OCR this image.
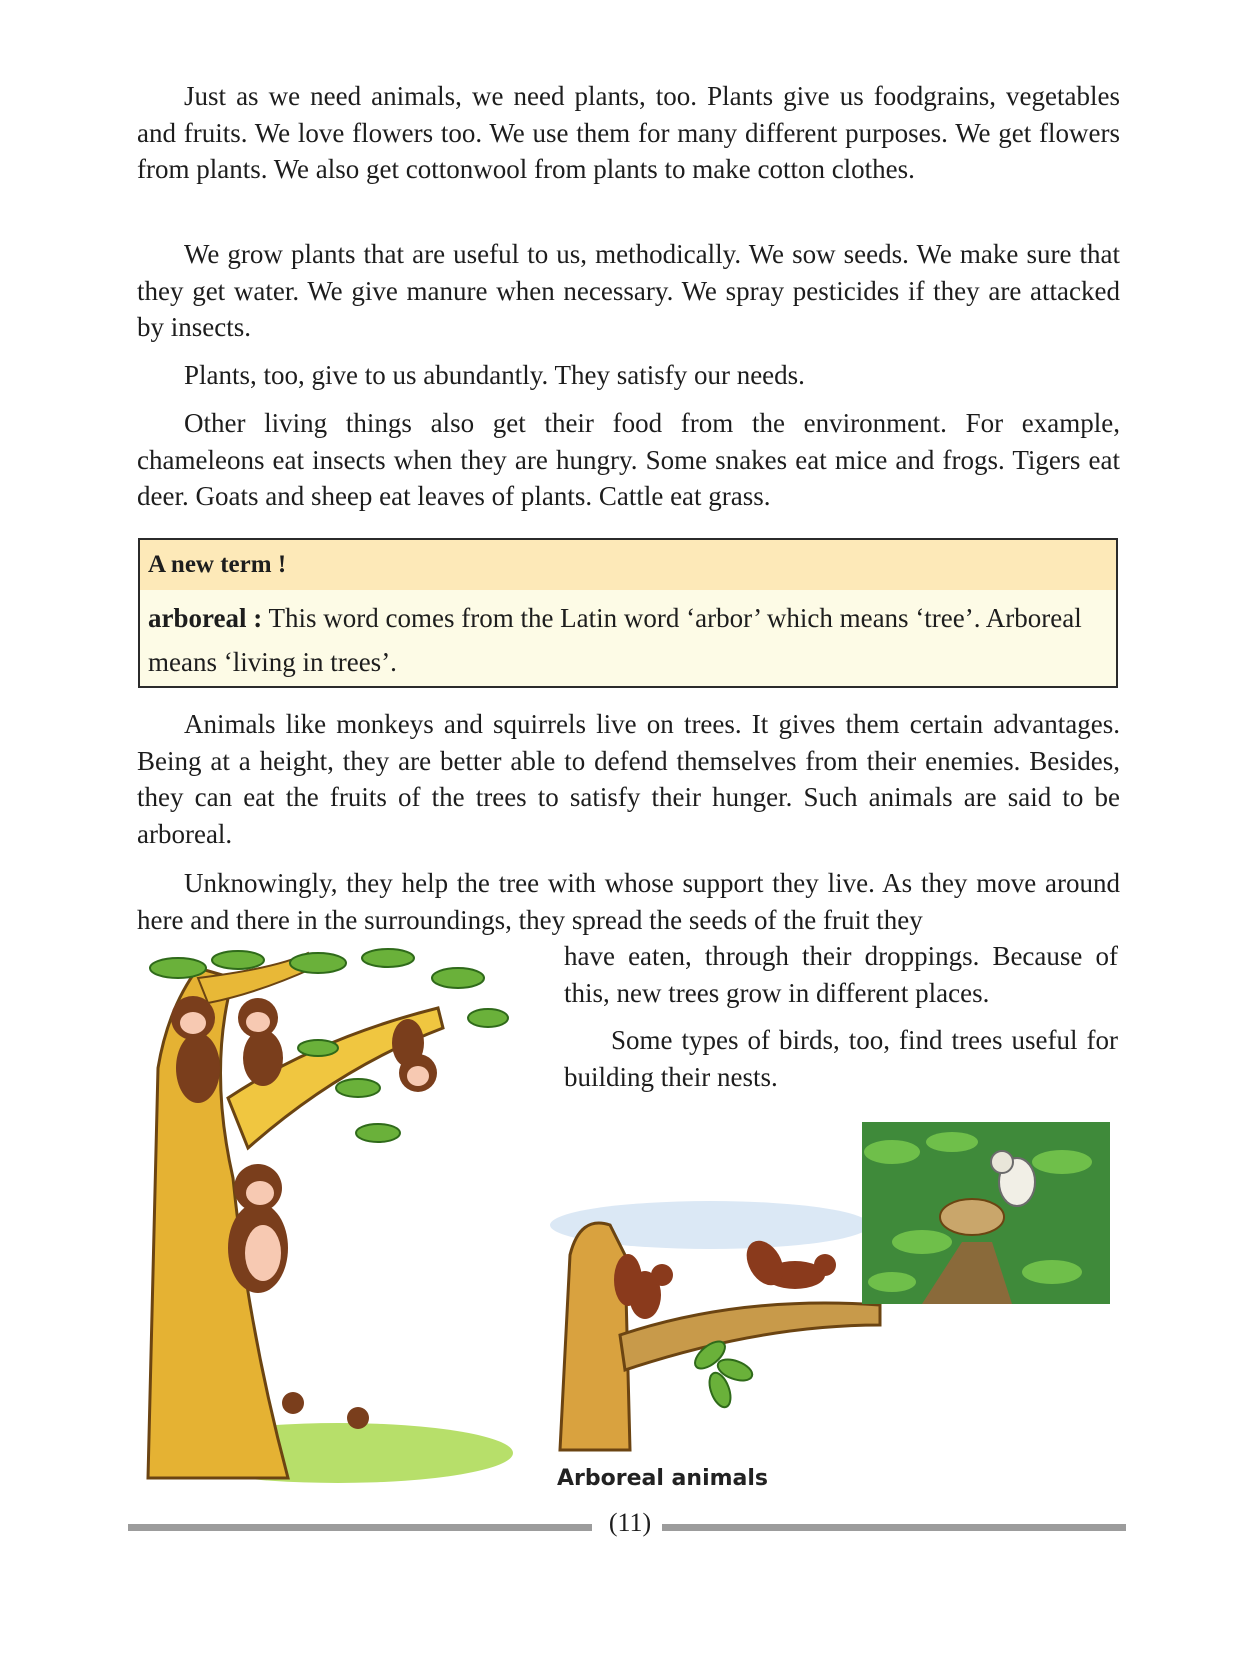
Just as we need animals, we need plants, too. Plants give us foodgrains, vegetables and fruits. We love flowers too. We use them for many different purposes. We get flowers from plants. We also get cottonwool from plants to make cotton clothes.

We grow plants that are useful to us, methodically. We sow seeds. We make sure that they get water. We give manure when necessary. We spray pesticides if they are attacked by insects.

Plants, too, give to us abundantly. They satisfy our needs.

Other living things also get their food from the environment. For example, chameleons eat insects when they are hungry. Some snakes eat mice and frogs. Tigers eat deer. Goats and sheep eat leaves of plants. Cattle eat grass.

A new term !
arboreal : This word comes from the Latin word ‘arbor’ which means ‘tree’. Arboreal means ‘living in trees’.

Animals like monkeys and squirrels live on trees. It gives them certain advantages. Being at a height, they are better able to defend themselves from their enemies. Besides, they can eat the fruits of the trees to satisfy their hunger. Such animals are said to be arboreal.

Unknowingly, they help the tree with whose support they live. As they move around here and there in the surroundings, they spread the seeds of the fruit they

have eaten, through their droppings. Because of this, new trees grow in different places.

Some types of birds, too, find trees useful for building their nests.

Arboreal animals
(11)
